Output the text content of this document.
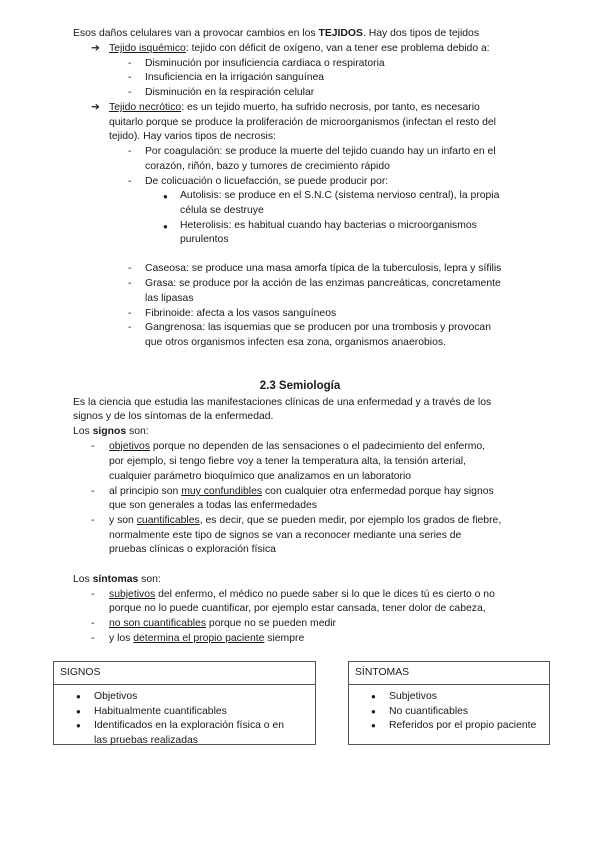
Esos daños celulares van a provocar cambios en los TEJIDOS. Hay dos tipos de tejidos
➔ Tejido isquémico: tejido con déficit de oxígeno, van a tener ese problema debido a:
- Disminución por insuficiencia cardiaca o respiratoria
- Insuficiencia en la irrigación sanguínea
- Disminución en la respiración celular
➔ Tejido necrótico: es un tejido muerto, ha sufrido necrosis, por tanto, es necesario
quitarlo porque se produce la proliferación de microorganismos (infectan el resto del
tejido). Hay varios tipos de necrosis:
- Por coagulación: se produce la muerte del tejido cuando hay un infarto en el
corazón, riñón, bazo y tumores de crecimiento rápido
- De colicuación o licuefacción, se puede producir por:
● Autolisis: se produce en el S.N.C (sistema nervioso central), la propia
célula se destruye
● Heterolisis: es habitual cuando hay bacterias o microorganismos
purulentos
- Caseosa: se produce una masa amorfa típica de la tuberculosis, lepra y sífilis
- Grasa: se produce por la acción de las enzimas pancreáticas, concretamente
las lipasas
- Fibrinoide: afecta a los vasos sanguíneos
- Gangrenosa: las isquemias que se producen por una trombosis y provocan
que otros organismos infecten esa zona, organismos anaerobios.
2.3 Semiología
Es la ciencia que estudia las manifestaciones clínicas de una enfermedad y a través de los
signos y de los síntomas de la enfermedad.
Los signos son:
- objetivos porque no dependen de las sensaciones o el padecimiento del enfermo,
por ejemplo, si tengo fiebre voy a tener la temperatura alta, la tensión arterial,
cualquier parámetro bioquímico que analizamos en un laboratorio
- al principio son muy confundibles con cualquier otra enfermedad porque hay signos
que son generales a todas las enfermedades
- y son cuantificables, es decir, que se pueden medir, por ejemplo los grados de fiebre,
normalmente este tipo de signos se van a reconocer mediante una series de
pruebas clínicas o exploración física
Los síntomas son:
- subjetivos del enfermo, el médico no puede saber si lo que le dices tú es cierto o no
porque no lo puede cuantificar, por ejemplo estar cansada, tener dolor de cabeza,
- no son cuantificables porque no se pueden medir
- y los determina el propio paciente siempre
SIGNOS
● Objetivos
● Habitualmente cuantificables
● Identificados en la exploración física o en
las pruebas realizadas
SÍNTOMAS
● Subjetivos
● No cuantificables
● Referidos por el propio paciente
